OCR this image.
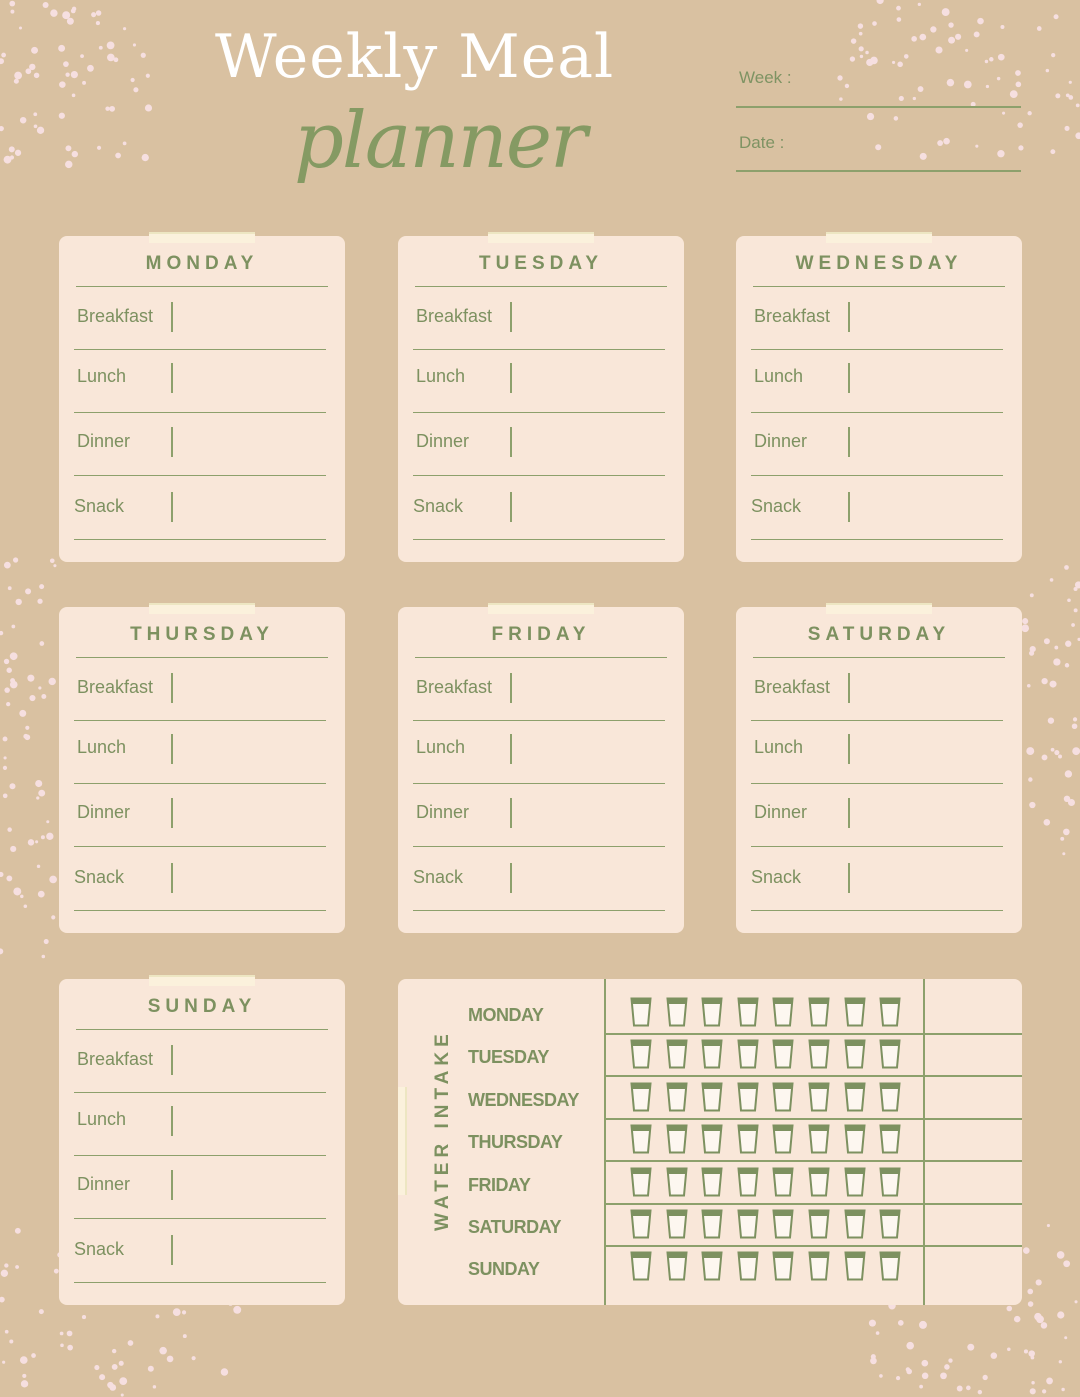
Weekly Meal
planner
Week :
Date :
MONDAY
Breakfast
Lunch
Dinner
Snack
TUESDAY
Breakfast
Lunch
Dinner
Snack
WEDNESDAY
Breakfast
Lunch
Dinner
Snack
THURSDAY
Breakfast
Lunch
Dinner
Snack
FRIDAY
Breakfast
Lunch
Dinner
Snack
SATURDAY
Breakfast
Lunch
Dinner
Snack
SUNDAY
Breakfast
Lunch
Dinner
Snack
WATER INTAKE
MONDAY
TUESDAY
WEDNESDAY
THURSDAY
FRIDAY
SATURDAY
SUNDAY
